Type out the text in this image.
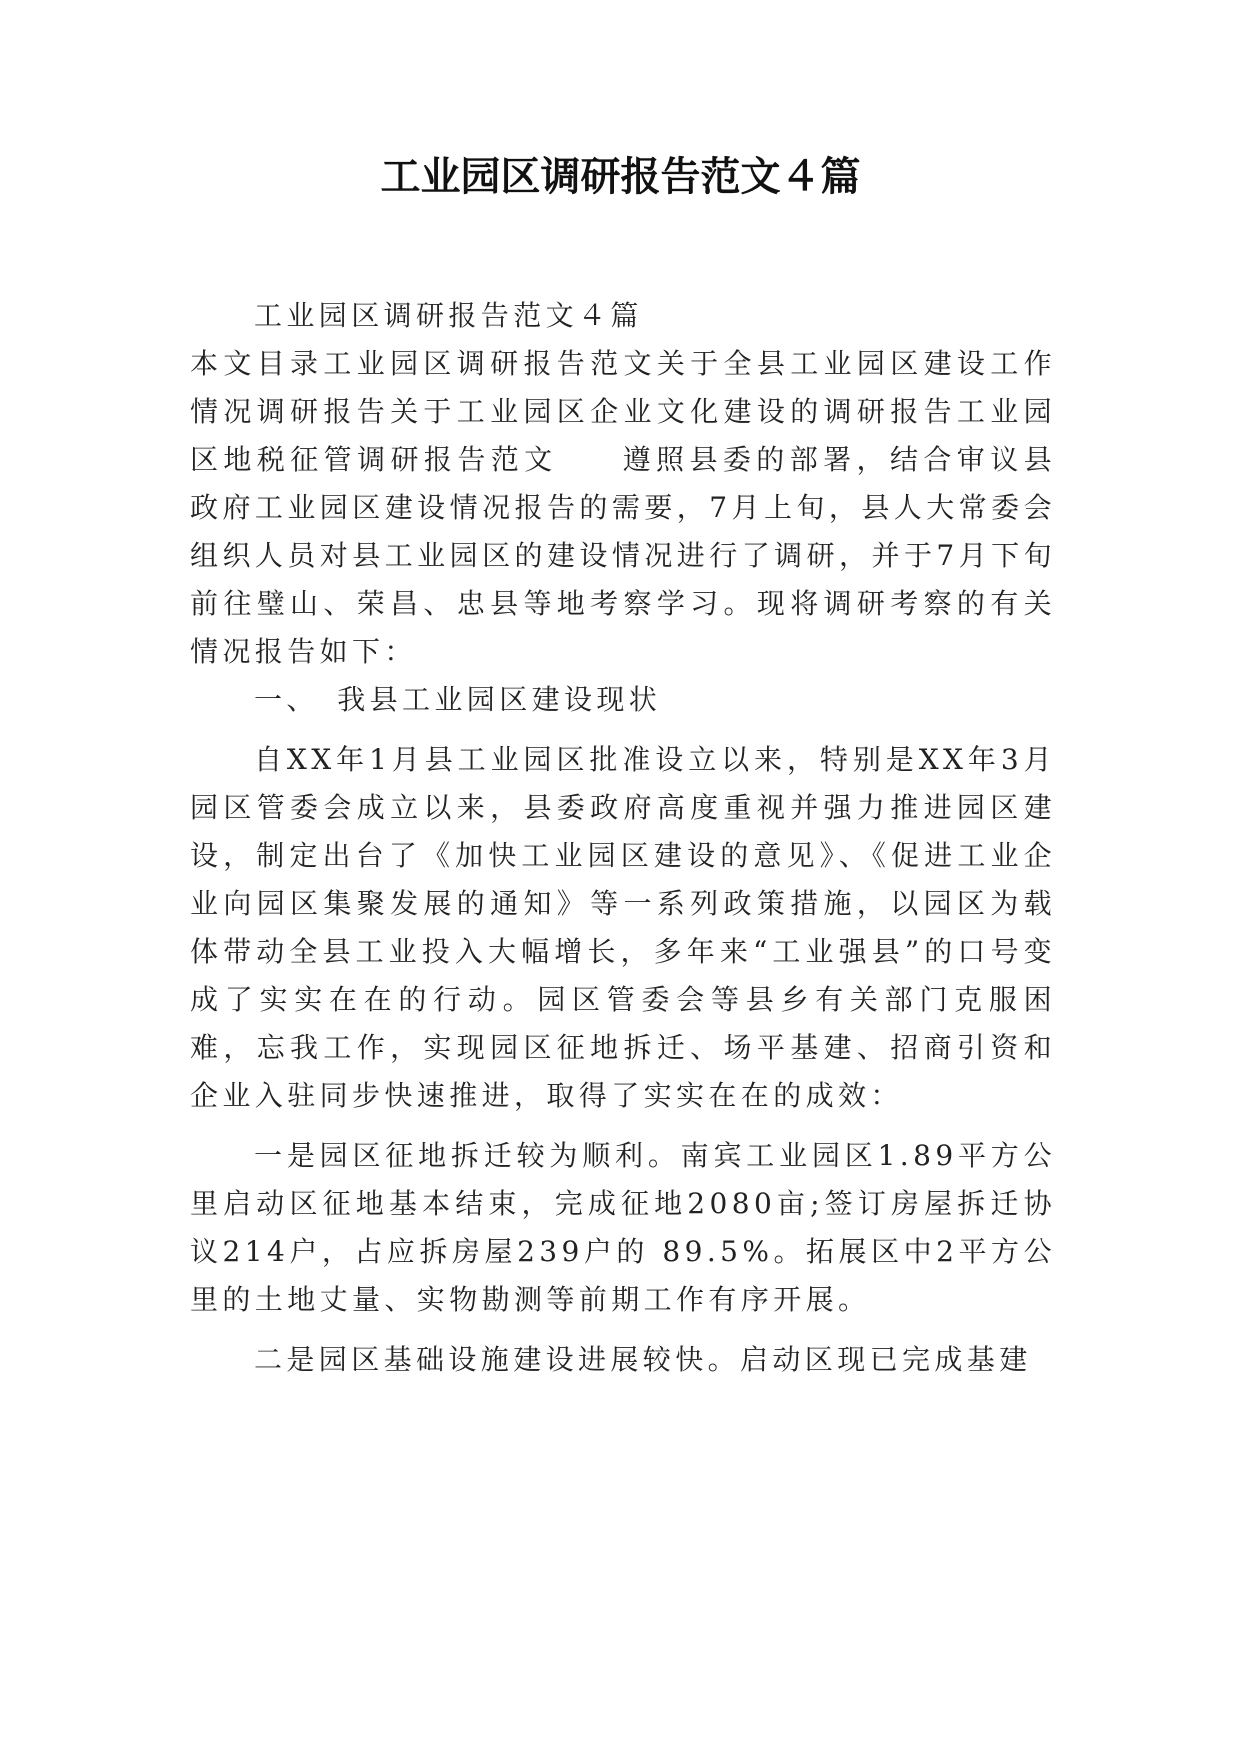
工业园区调研报告范文４篇

工业园区调研报告范文４篇

本文目录工业园区调研报告范文关于全县工业园区建设工作情况调研报告关于工业园区企业文化建设的调研报告工业园区地税征管调研报告范文 遵照县委的部署，结合审议县政府工业园区建设情况报告的需要，7月上旬，县人大常委会组织人员对县工业园区的建设情况进行了调研，并于7月下旬前往璧山、荣昌、忠县等地考察学习。现将调研考察的有关情况报告如下：

一、　我县工业园区建设现状

自XX年1月县工业园区批准设立以来，特别是XX年3月园区管委会成立以来，县委政府高度重视并强力推进园区建设，制定出台了《加快工业园区建设的意见》、《促进工业企业向园区集聚发展的通知》等一系列政策措施，以园区为载体带动全县工业投入大幅增长，多年来“工业强县”的口号变成了实实在在的行动。园区管委会等县乡有关部门克服困难，忘我工作，实现园区征地拆迁、场平基建、招商引资和企业入驻同步快速推进，取得了实实在在的成效：

一是园区征地拆迁较为顺利。南宾工业园区1.89平方公里启动区征地基本结束，完成征地2080亩;签订房屋拆迁协议214户，占应拆房屋239户的 89.5%。拓展区中2平方公里的土地丈量、实物勘测等前期工作有序开展。

二是园区基础设施建设进展较快。启动区现已完成基建
